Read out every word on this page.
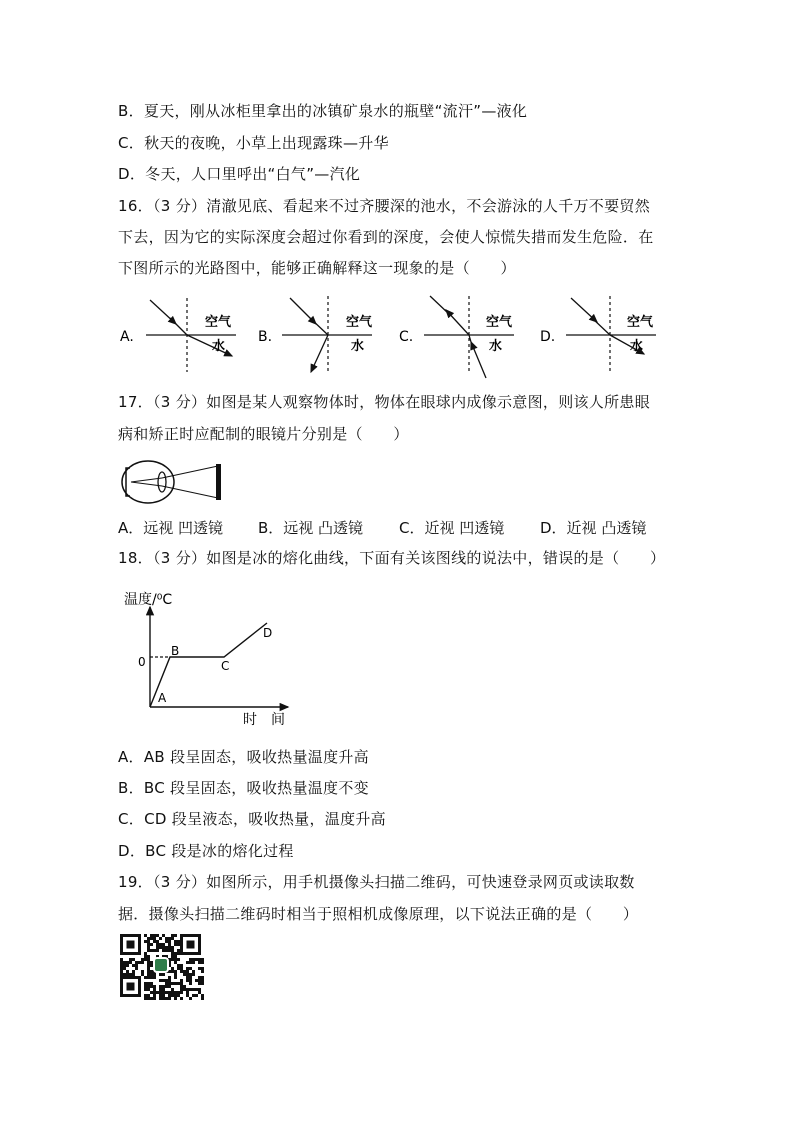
B．夏天，刚从冰柜里拿出的冰镇矿泉水的瓶壁“流汗”—液化
C．秋天的夜晚，小草上出现露珠—升华
D．冬天，人口里呼出“白气”—汽化
16．（3 分）清澈见底、看起来不过齐腰深的池水，不会游泳的人千万不要贸然
下去，因为它的实际深度会超过你看到的深度，会使人惊慌失措而发生危险．在
下图所示的光路图中，能够正确解释这一现象的是（　　）
A.
空气
水
B.
空气
水
C.
空气
水
D.
空气
水
17．（3 分）如图是某人观察物体时，物体在眼球内成像示意图，则该人所患眼
病和矫正时应配制的眼镜片分别是（　　）
A．远视 凹透镜 B．远视 凸透镜 C．近视 凹透镜 D．近视 凸透镜
18．（3 分）如图是冰的熔化曲线，下面有关该图线的说法中，错误的是（　　）
温度/⁰C
0
A
B
C
D
时　间
A．AB 段呈固态，吸收热量温度升高
B．BC 段呈固态，吸收热量温度不变
C．CD 段呈液态，吸收热量，温度升高
D．BC 段是冰的熔化过程
19．（3 分）如图所示，用手机摄像头扫描二维码，可快速登录网页或读取数
据．摄像头扫描二维码时相当于照相机成像原理，以下说法正确的是（　　）
